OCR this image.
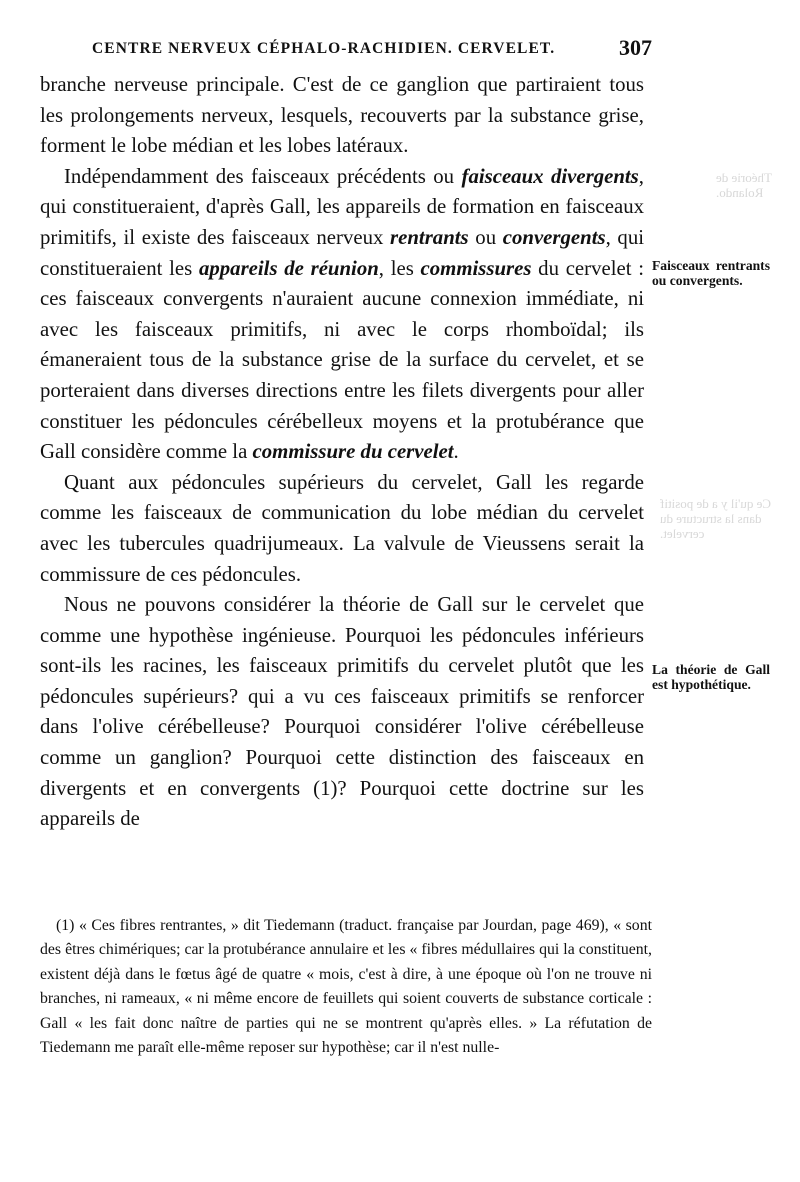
CENTRE NERVEUX CÉPHALO-RACHIDIEN. CERVELET.	307
Théorie de Rolando.
Ce qu'il y a de positif dans la structure du cervelet.

branche nerveuse principale. C'est de ce ganglion que partiraient tous les prolongements nerveux, lesquels, recouverts par la substance grise, forment le lobe médian et les lobes latéraux.

Indépendamment des faisceaux précédents ou faisceaux divergents, qui constitueraient, d'après Gall, les appareils de formation en faisceaux primitifs, il existe des faisceaux nerveux rentrants ou convergents, qui constitueraient les appareils de réunion, les commissures du cervelet : ces faisceaux convergents n'auraient aucune connexion immédiate, ni avec les faisceaux primitifs, ni avec le corps rhomboïdal; ils émaneraient tous de la substance grise de la surface du cervelet, et se porteraient dans diverses directions entre les filets divergents pour aller constituer les pédoncules cérébelleux moyens et la protubérance que Gall considère comme la commissure du cervelet.

Quant aux pédoncules supérieurs du cervelet, Gall les regarde comme les faisceaux de communication du lobe médian du cervelet avec les tubercules quadrijumeaux. La valvule de Vieussens serait la commissure de ces pédoncules.

Nous ne pouvons considérer la théorie de Gall sur le cervelet que comme une hypothèse ingénieuse. Pourquoi les pédoncules inférieurs sont-ils les racines, les faisceaux primitifs du cervelet plutôt que les pédoncules supérieurs? qui a vu ces faisceaux primitifs se renforcer dans l'olive cérébelleuse? Pourquoi considérer l'olive cérébelleuse comme un ganglion? Pourquoi cette distinction des faisceaux en divergents et en convergents (1)? Pourquoi cette doctrine sur les appareils de

Faisceaux rentrants ou convergents.
La théorie de Gall est hypothétique.

(1) « Ces fibres rentrantes, » dit Tiedemann (traduct. française par Jourdan, page 469), « sont des êtres chimériques; car la protubérance annulaire et les « fibres médullaires qui la constituent, existent déjà dans le fœtus âgé de quatre « mois, c'est à dire, à une époque où l'on ne trouve ni branches, ni rameaux, « ni même encore de feuillets qui soient couverts de substance corticale : Gall « les fait donc naître de parties qui ne se montrent qu'après elles. » La réfutation de Tiedemann me paraît elle-même reposer sur hypothèse; car il n'est nulle-
